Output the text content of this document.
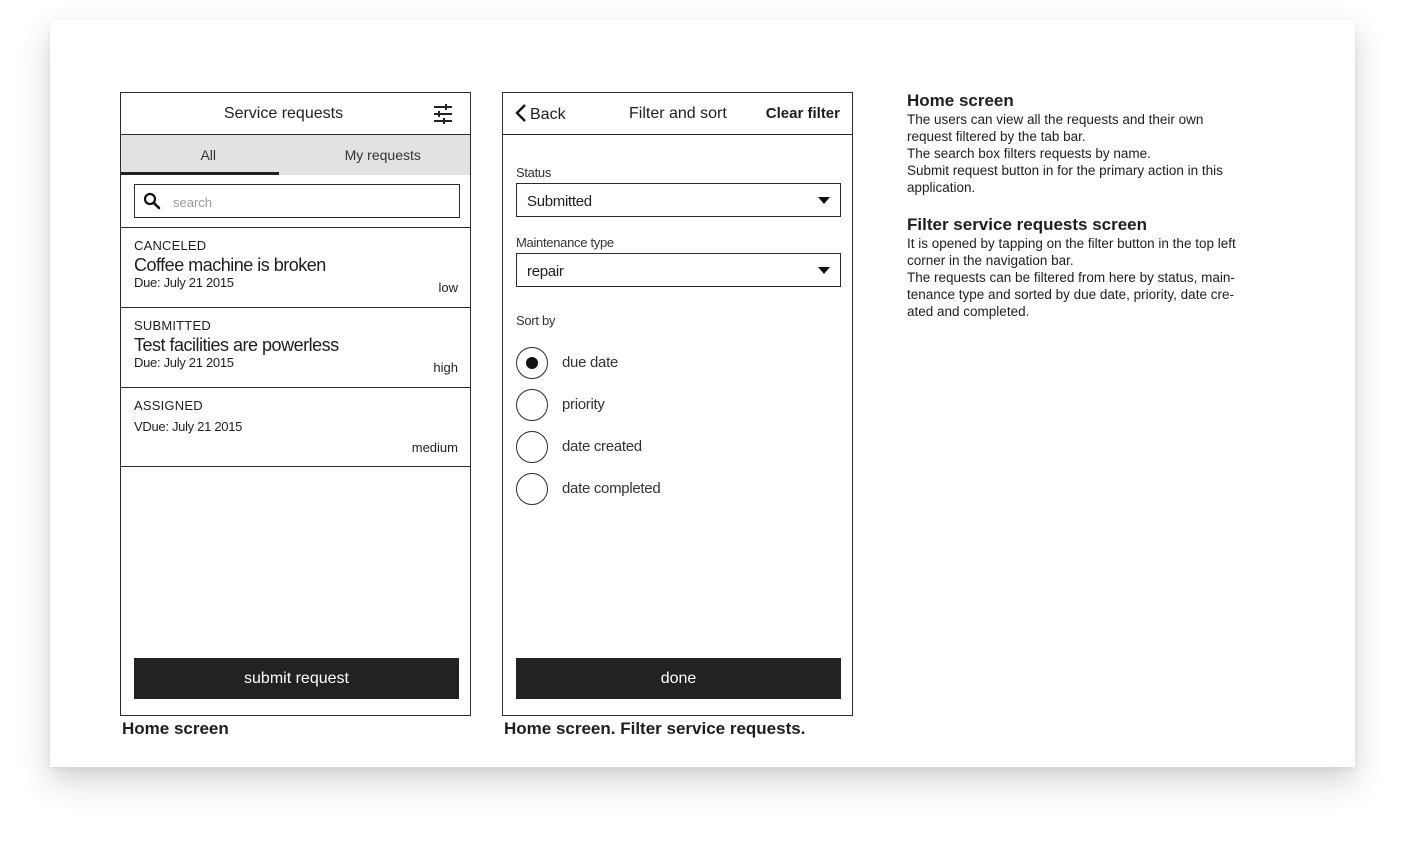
Service requests
All	My requests
search
CANCELED
Coffee machine is broken
Due: July 21 2015	low
SUBMITTED
Test facilities are powerless
Due: July 21 2015	high
ASSIGNED
VDue: July 21 2015
medium
submit request
Home screen
Back	Filter and sort	Clear filter
Status
Submitted
Maintenance type
repair
Sort by
due date
priority
date created
date completed
done
Home screen. Filter service requests.
Home screen
The users can view all the requests and their own
request filtered by the tab bar.
The search box filters requests by name.
Submit request button in for the primary action in this
application.
Filter service requests screen
It is opened by tapping on the filter button in the top left
corner in the navigation bar.
The requests can be filtered from here by status, main-
tenance type and sorted by due date, priority, date cre-
ated and completed.
